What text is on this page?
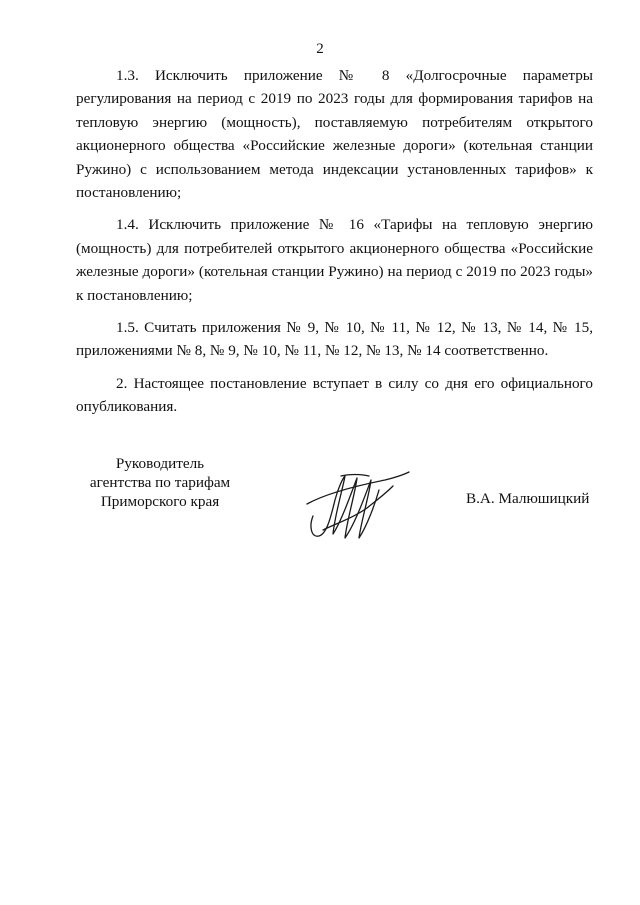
2

1.3. Исключить приложение № 8 «Долгосрочные параметры регулирования на период с 2019 по 2023 годы для формирования тарифов на тепловую энергию (мощность), поставляемую потребителям открытого акционерного общества «Российские железные дороги» (котельная станции Ружино) с использованием метода индексации установленных тарифов» к постановлению;

1.4. Исключить приложение № 16 «Тарифы на тепловую энергию (мощность) для потребителей открытого акционерного общества «Российские железные дороги» (котельная станции Ружино) на период с 2019 по 2023 годы» к постановлению;

1.5. Считать приложения № 9, № 10, № 11, № 12, № 13, № 14, № 15, приложениями № 8, № 9, № 10, № 11, № 12, № 13, № 14 соответственно.

2. Настоящее постановление вступает в силу со дня его официального опубликования.

Руководитель
агентства по тарифам
Приморского края	В.А. Малюшицкий
